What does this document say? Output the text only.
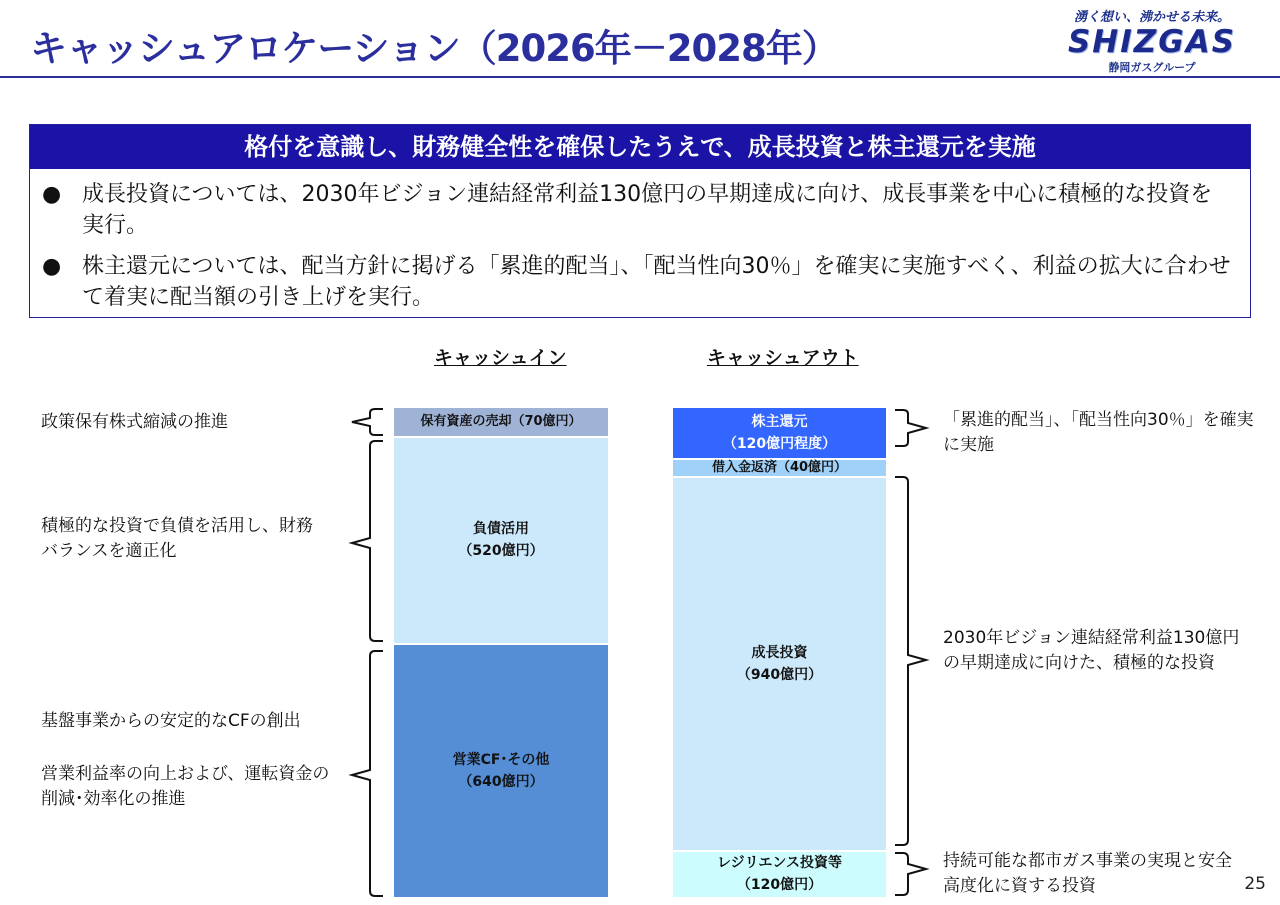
キャッシュアロケーション（2026年－2028年）
湧く想い、沸かせる未来。
SHIZGAS
静岡ガスグループ
格付を意識し、財務健全性を確保したうえで、成長投資と株主還元を実施
● 成長投資については、2030年ビジョン連結経常利益130億円の早期達成に向け、成長事業を中心に積極的な投資を実行。
● 株主還元については、配当方針に掲げる「累進的配当」、「配当性向30％」を確実に実施すべく、利益の拡大に合わせて着実に配当額の引き上げを実行。
キャッシュイン	キャッシュアウト
保有資産の売却 （70億円）
負債活用
（520億円）
営業CF･その他
（640億円）
株主還元
（120億円程度）
借入金返済 （40億円）
成長投資
（940億円）
レジリエンス投資等
（120億円）
政策保有株式縮減の推進
積極的な投資で負債を活用し、財務バランスを適正化
基盤事業からの安定的なCFの創出
営業利益率の向上および、運転資金の削減･効率化の推進
「累進的配当」、「配当性向30％」を確実に実施
2030年ビジョン連結経常利益130億円の早期達成に向けた、積極的な投資
持続可能な都市ガス事業の実現と安全高度化に資する投資	25
